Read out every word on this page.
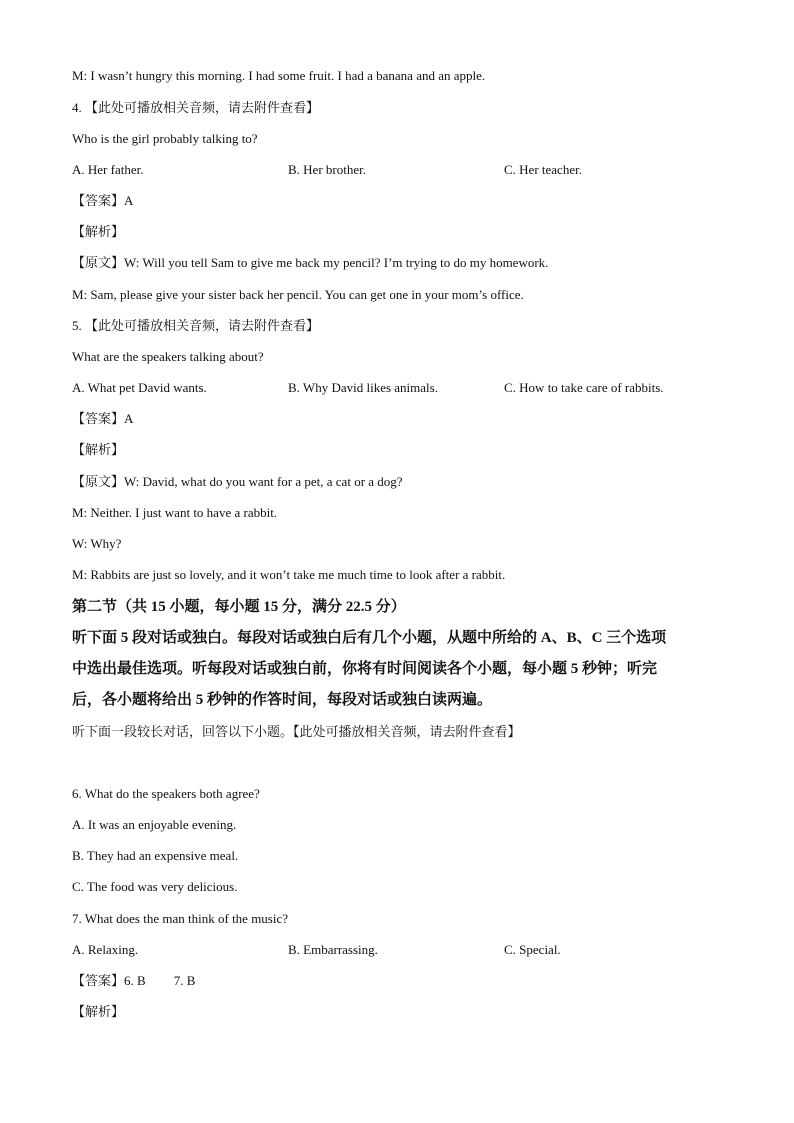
M: I wasn’t hungry this morning. I had some fruit. I had a banana and an apple.
4. 【此处可播放相关音频，请去附件查看】
Who is the girl probably talking to?
A. Her father.	B. Her brother.	C. Her teacher.
【答案】A
【解析】
【原文】W: Will you tell Sam to give me back my pencil? I’m trying to do my homework.
M: Sam, please give your sister back her pencil. You can get one in your mom’s office.
5. 【此处可播放相关音频，请去附件查看】
What are the speakers talking about?
A. What pet David wants.	B. Why David likes animals.	C. How to take care of rabbits.
【答案】A
【解析】
【原文】W: David, what do you want for a pet, a cat or a dog?
M: Neither. I just want to have a rabbit.
W: Why?
M: Rabbits are just so lovely, and it won’t take me much time to look after a rabbit.
第二节（共 15 小题，每小题 15 分，满分 22.5 分）
听下面 5 段对话或独白。每段对话或独白后有几个小题，从题中所给的 A、B、C 三个选项
中选出最佳选项。听每段对话或独白前，你将有时间阅读各个小题，每小题 5 秒钟；听完
后，各小题将给出 5 秒钟的作答时间，每段对话或独白读两遍。
听下面一段较长对话，回答以下小题。【此处可播放相关音频，请去附件查看】
6. What do the speakers both agree?
A. It was an enjoyable evening.
B. They had an expensive meal.
C. The food was very delicious.
7. What does the man think of the music?
A. Relaxing.	B. Embarrassing.	C. Special.
【答案】6. B 7. B
【解析】
